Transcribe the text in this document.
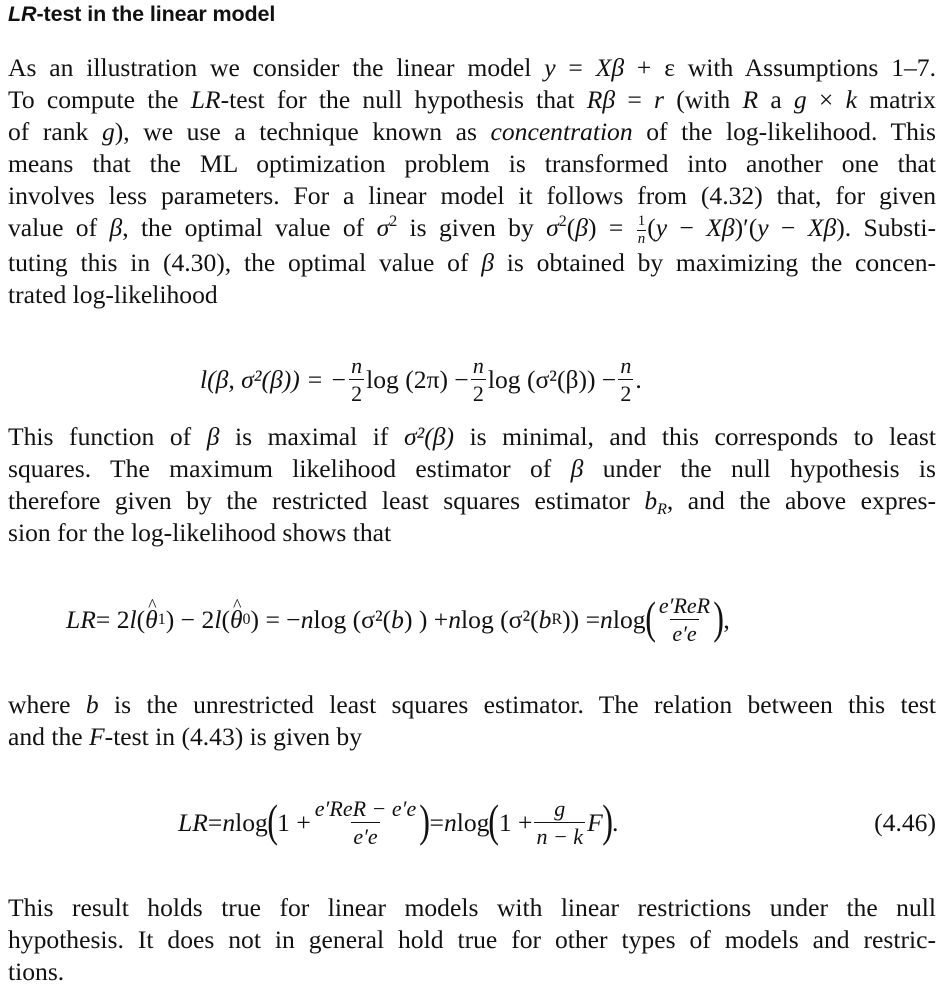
LR-test in the linear model

As an illustration we consider the linear model y = Xβ + ε with Assumptions 1–7.
To compute the LR-test for the null hypothesis that Rβ = r (with R a g × k matrix
of rank g), we use a technique known as concentration of the log-likelihood. This
means that the ML optimization problem is transformed into another one that
involves less parameters. For a linear model it follows from (4.32) that, for given
value of β, the optimal value of $\sigma^2$ is given by $\sigma^2(\beta) = \frac{1}{n} (y - X\beta)'(y - X\beta)$. Substi-
tuting this in (4.30), the optimal value of β is obtained by maximizing the concen-
trated log-likelihood

l(β, σ²(β)) = − $\frac{n}{2}$ $\log (2\pi) - \frac{n}{2}$ $\log (\sigma^2(\beta)) - \frac{n}{2}$ .

This function of β is maximal if σ²(β) is minimal, and this corresponds to least
squares. The maximum likelihood estimator of β under the null hypothesis is
therefore given by the restricted least squares estimator $b_R$, and the above expres-
sion for the log-likelihood shows that

LR = 2 l ( ^ θ 1 ) − 2 l ( ^ θ 0 ) = − n log (σ²( b ) ) + n log (σ²( b R )) = n log ( $\frac{\text{e′ReR}}{e'e}$ ) ,

where b is the unrestricted least squares estimator. The relation between this test
and the F-test in (4.43) is given by

LR = n log ( $1 + \frac{\text{e′ReR − e′e}}{e'e}$ ) = n log ( $1 + \frac{g}{n - k}$ F ) .	(4.46)

This result holds true for linear models with linear restrictions under the null
hypothesis. It does not in general hold true for other types of models and restric-
tions.
